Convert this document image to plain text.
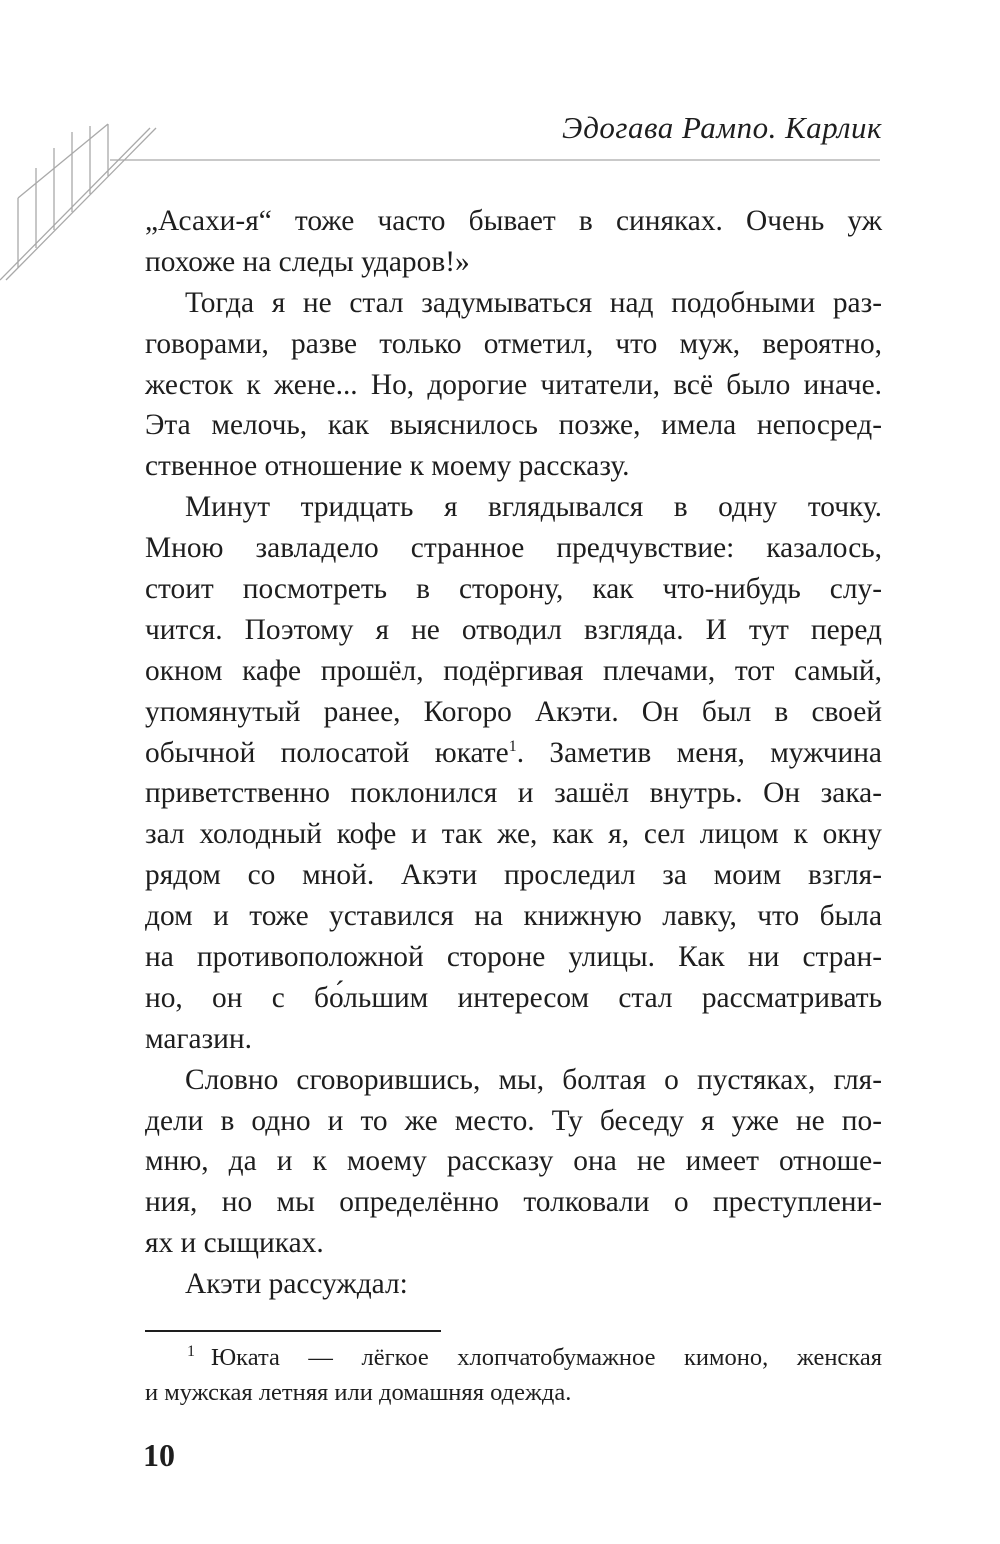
Эдогава Рампо. Карлик
„Асахи-я“ тоже часто бывает в синяках. Очень уж
похоже на следы ударов!»
Тогда я не стал задумываться над подобными раз-
говорами, разве только отметил, что муж, вероятно,
жесток к жене... Но, дорогие читатели, всё было иначе.
Эта мелочь, как выяснилось позже, имела непосред-
ственное отношение к моему рассказу.
Минут тридцать я вглядывался в одну точку.
Мною завладело странное предчувствие: казалось,
стоит посмотреть в сторону, как что-нибудь слу-
чится. Поэтому я не отводил взгляда. И тут перед
окном кафе прошёл, подёргивая плечами, тот самый,
упомянутый ранее, Когоро Акэти. Он был в своей
обычной полосатой юкате$^1$. Заметив меня, мужчина
приветственно поклонился и зашёл внутрь. Он зака-
зал холодный кофе и так же, как я, сел лицом к окну
рядом со мной. Акэти проследил за моим взгля-
дом и тоже уставился на книжную лавку, что была
на противоположной стороне улицы. Как ни стран-
но, он с бо́льшим интересом стал рассматривать
магазин.
Словно сговорившись, мы, болтая о пустяках, гля-
дели в одно и то же место. Ту беседу я уже не по-
мню, да и к моему рассказу она не имеет отноше-
ния, но мы определённо толковали о преступлени-
ях и сыщиках.
Акэти рассуждал:
$^1$ Юката — лёгкое хлопчатобумажное кимоно, женская
и мужская летняя или домашняя одежда.
10
